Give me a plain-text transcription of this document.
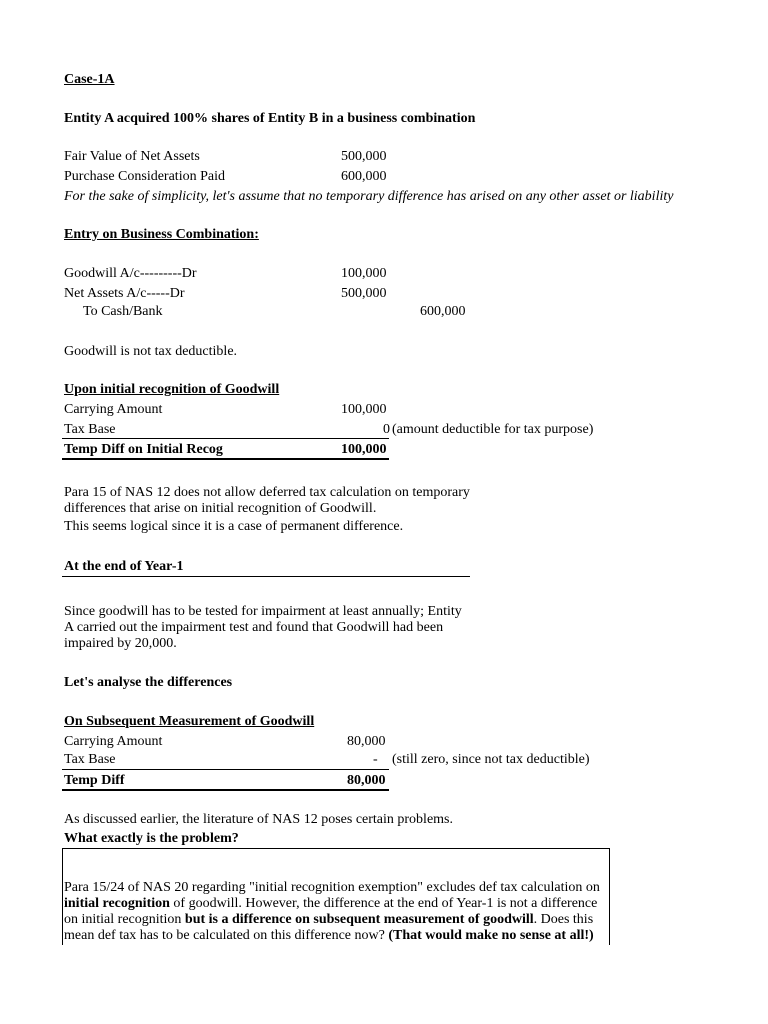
Case-1A
Entity A acquired 100% shares of Entity B in a business combination
Fair Value of Net Assets	500,000
Purchase Consideration Paid	600,000
For the sake of simplicity, let's assume that no temporary difference has arised on any other asset or liability
Entry on Business Combination:
Goodwill A/c---------Dr	100,000
Net Assets A/c-----Dr	500,000
To Cash/Bank	600,000
Goodwill is not tax deductible.
Upon initial recognition of Goodwill
Carrying Amount	100,000
Tax Base	0 (amount deductible for tax purpose)
Temp Diff on Initial Recog	100,000
Para 15 of NAS 12 does not allow deferred tax calculation on temporary differences that arise on initial recognition of Goodwill.
This seems logical since it is a case of permanent difference.
At the end of Year-1
Since goodwill has to be tested for impairment at least annually; Entity A carried out the impairment test and found that Goodwill had been impaired by 20,000.
Let's analyse the differences
On Subsequent Measurement of Goodwill
Carrying Amount	80,000
Tax Base	- (still zero, since not tax deductible)
Temp Diff	80,000
As discussed earlier, the literature of NAS 12 poses certain problems.
What exactly is the problem?
Para 15/24 of NAS 20 regarding "initial recognition exemption" excludes def tax calculation on initial recognition of goodwill. However, the difference at the end of Year-1 is not a difference on initial recognition but is a difference on subsequent measurement of goodwill. Does this mean def tax has to be calculated on this difference now? (That would make no sense at all!)
